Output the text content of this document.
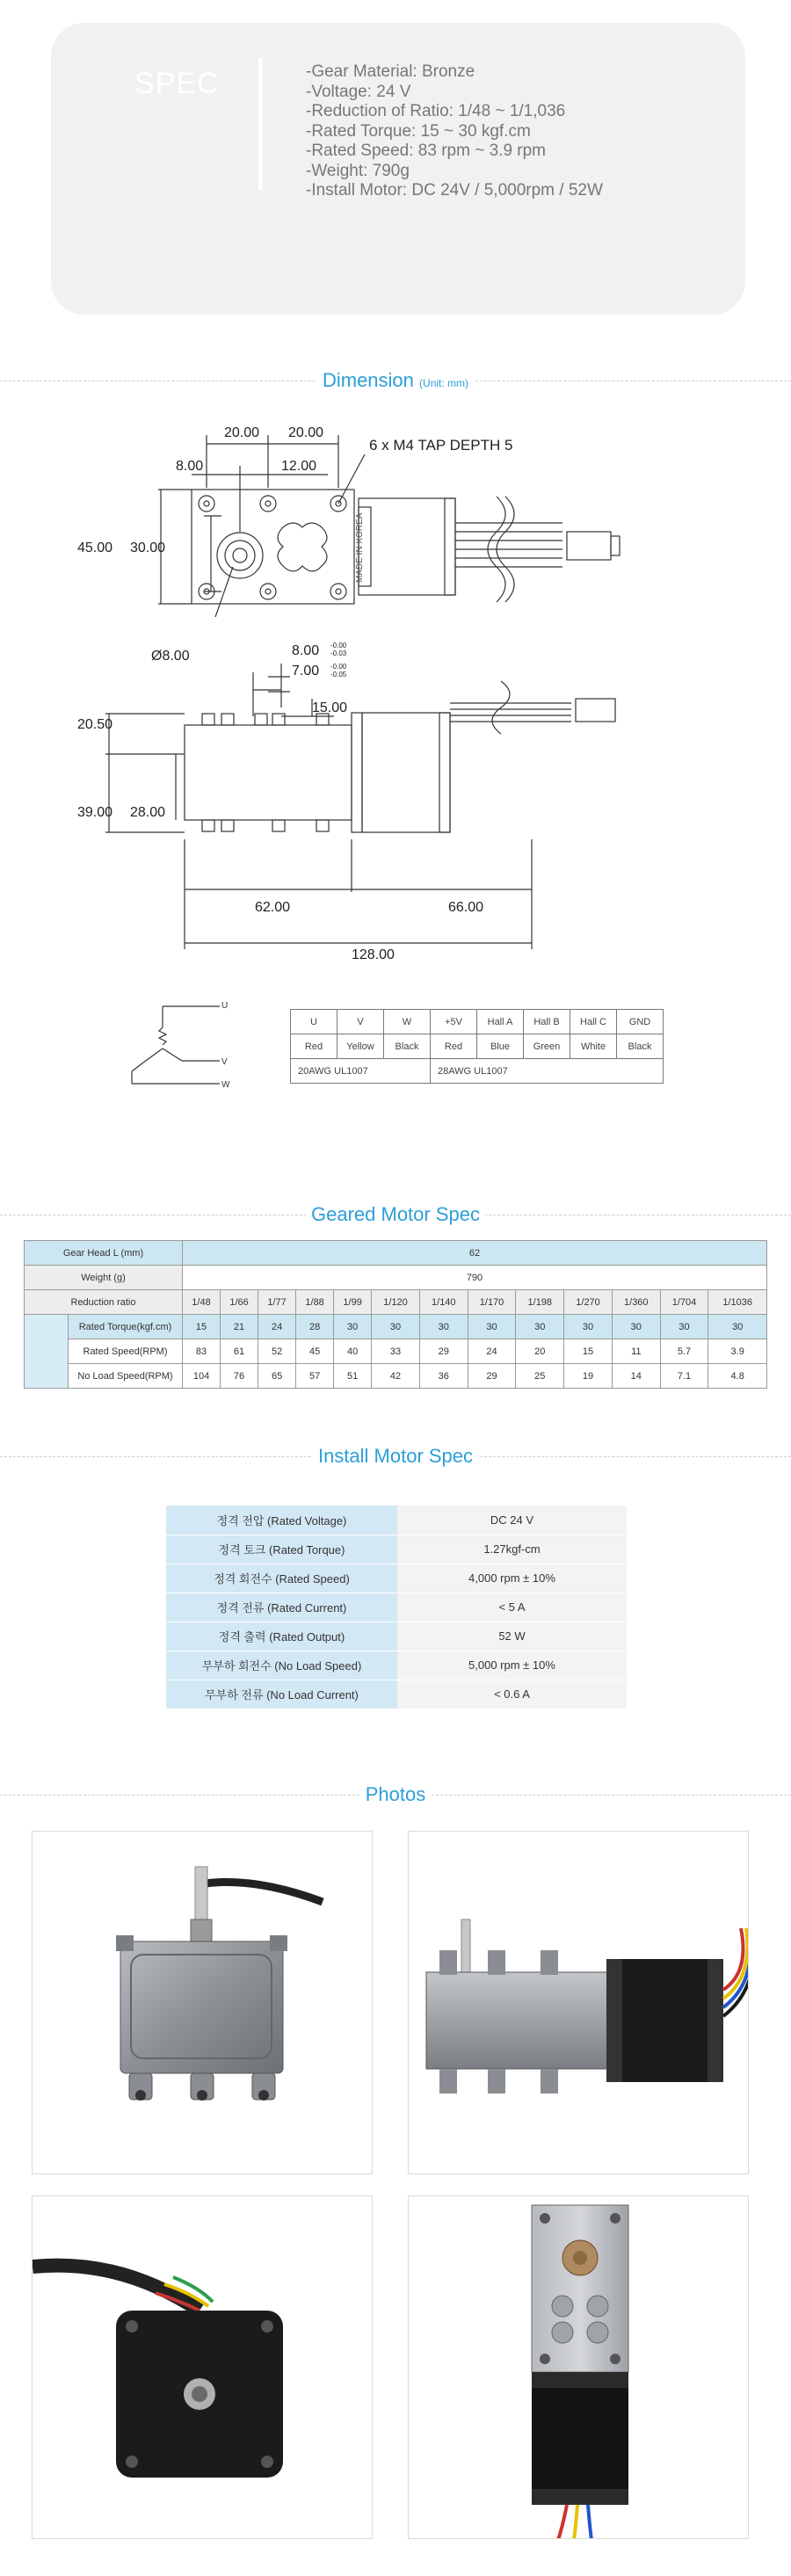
SPEC	-Gear Material: Bronze
-Voltage: 24 V
-Reduction of Ratio: 1/48 ~ 1/1,036
-Rated Torque: 15 ~ 30 kgf.cm
-Rated Speed: 83 rpm ~ 3.9 rpm
-Weight: 790g
-Install Motor: DC 24V / 5,000rpm / 52W
Dimension (Unit: mm)
20.00 20.00
8.00	12.00
6 x M4 TAP DEPTH 5
45.00 30.00
Ø8.00	8.00 -0.00
-0.03
7.00 -0.00
-0.05
15.00
20.50
39.00 28.00
62.00	66.00
128.00
MADE IN KOREA
U
V
W
U	V	W	+5V	Hall A	Hall B	Hall C	GND
Red	Yellow	Black	Red	Blue	Green	White	Black
20AWG UL1007			28AWG UL1007				
Geared Motor Spec
Gear Head L (mm)		62												
Weight (g)		790												
Reduction ratio		1/48	1/66	1/77	1/88	1/99	1/120	1/140	1/170	1/198	1/270	1/360	1/704	1/1036
	Rated Torque(kgf.cm)	15	21	24	28	30	30	30	30	30	30	30	30	30
	Rated Speed(RPM)	83	61	52	45	40	33	29	24	20	15	11	5.7	3.9
	No Load Speed(RPM)	104	76	65	57	51	42	36	29	25	19	14	7.1	4.8
Install Motor Spec
정격 전압 (Rated Voltage)	DC 24 V
정격 토크 (Rated Torque)	1.27kgf-cm
정격 회전수 (Rated Speed)	4,000 rpm ± 10%
정격 전류 (Rated Current)	< 5 A
정격 출력 (Rated Output)	52 W
무부하 회전수 (No Load Speed)	5,000 rpm ± 10%
무부하 전류 (No Load Current)	< 0.6 A
Photos
